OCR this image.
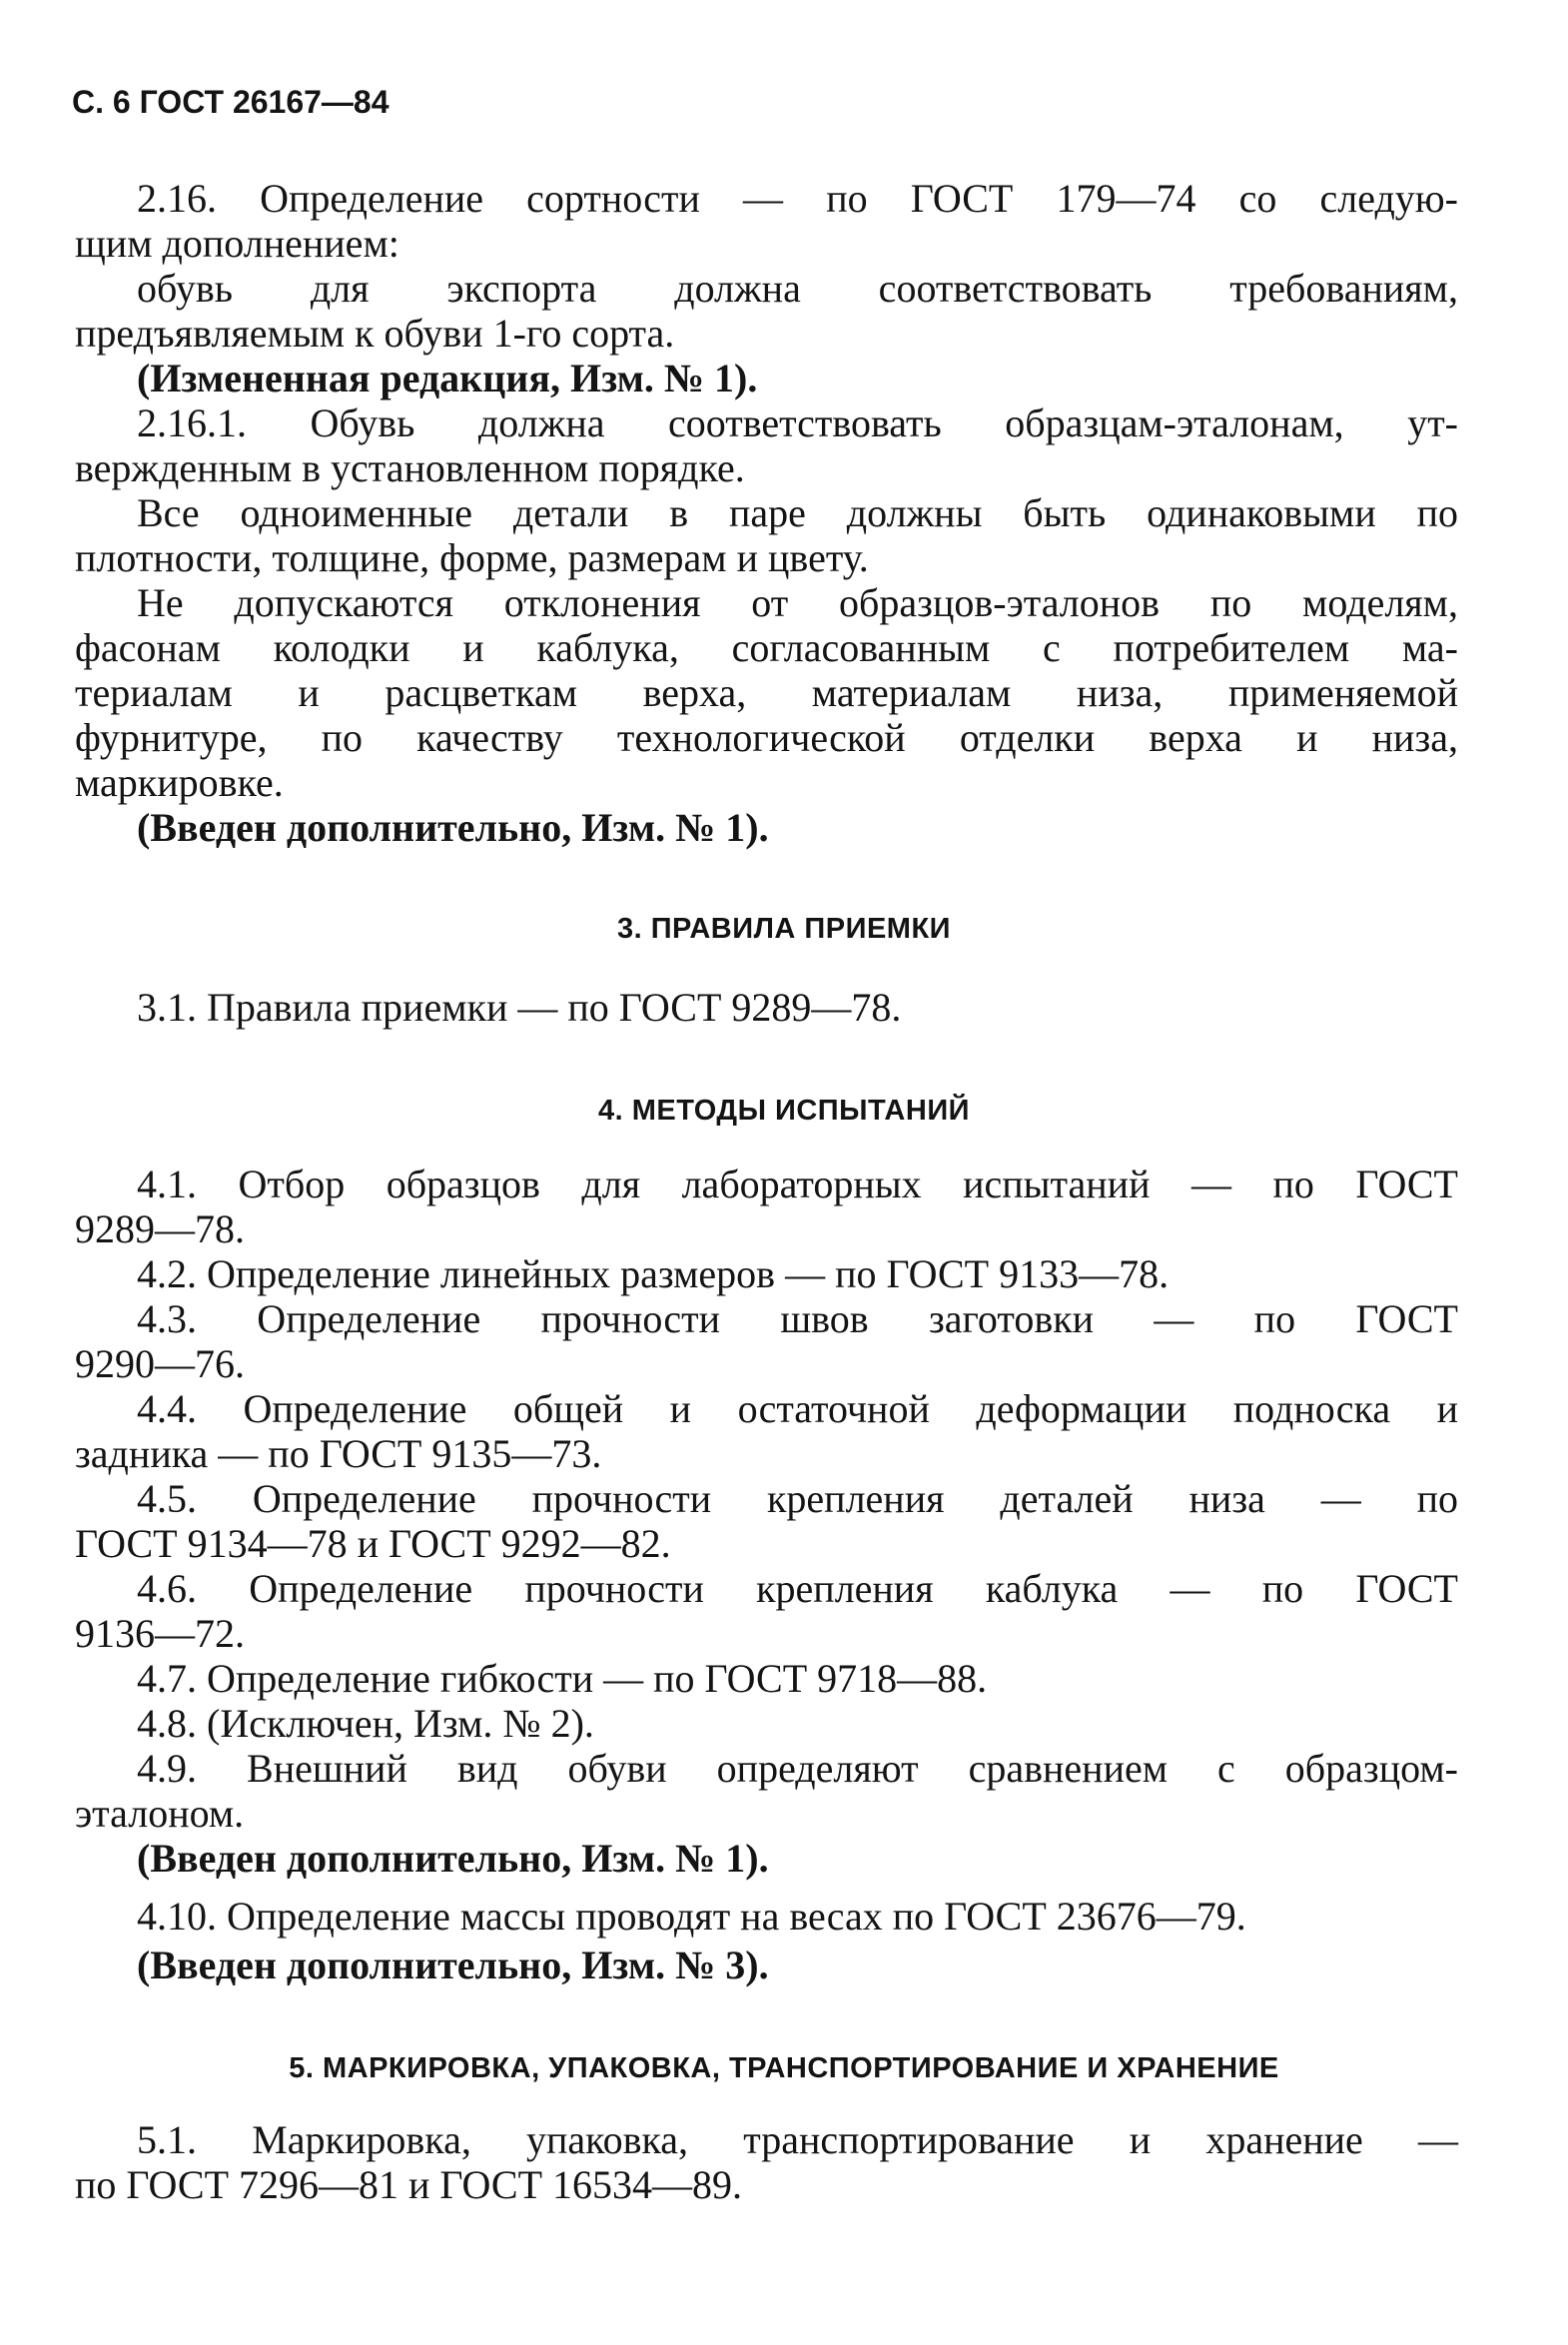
С. 6 ГОСТ 26167—84
2.16. Определение сортности — по ГОСТ 179—74 со следую-
щим дополнением:
обувь для экспорта должна соответствовать требованиям,
предъявляемым к обуви 1-го сорта.
(Измененная редакция, Изм. № 1).
2.16.1. Обувь должна соответствовать образцам-эталонам, ут-
вержденным в установленном порядке.
Все одноименные детали в паре должны быть одинаковыми по
плотности, толщине, форме, размерам и цвету.
Не допускаются отклонения от образцов-эталонов по моделям,
фасонам колодки и каблука, согласованным с потребителем ма-
териалам и расцветкам верха, материалам низа, применяемой
фурнитуре, по качеству технологической отделки верха и низа,
маркировке.
(Введен дополнительно, Изм. № 1).
3. ПРАВИЛА ПРИЕМКИ
3.1. Правила приемки — по ГОСТ 9289—78.
4. МЕТОДЫ ИСПЫТАНИЙ
4.1. Отбор образцов для лабораторных испытаний — по ГОСТ
9289—78.
4.2. Определение линейных размеров — по ГОСТ 9133—78.
4.3. Определение прочности швов заготовки — по ГОСТ
9290—76.
4.4. Определение общей и остаточной деформации подноска и
задника — по ГОСТ 9135—73.
4.5. Определение прочности крепления деталей низа — по
ГОСТ 9134—78 и ГОСТ 9292—82.
4.6. Определение прочности крепления каблука — по ГОСТ
9136—72.
4.7. Определение гибкости — по ГОСТ 9718—88.
4.8. (Исключен, Изм. № 2).
4.9. Внешний вид обуви определяют сравнением с образцом-
эталоном.
(Введен дополнительно, Изм. № 1).
4.10. Определение массы проводят на весах по ГОСТ 23676—79.
(Введен дополнительно, Изм. № 3).
5. МАРКИРОВКА, УПАКОВКА, ТРАНСПОРТИРОВАНИЕ И ХРАНЕНИЕ
5.1. Маркировка, упаковка, транспортирование и хранение —
по ГОСТ 7296—81 и ГОСТ 16534—89.
